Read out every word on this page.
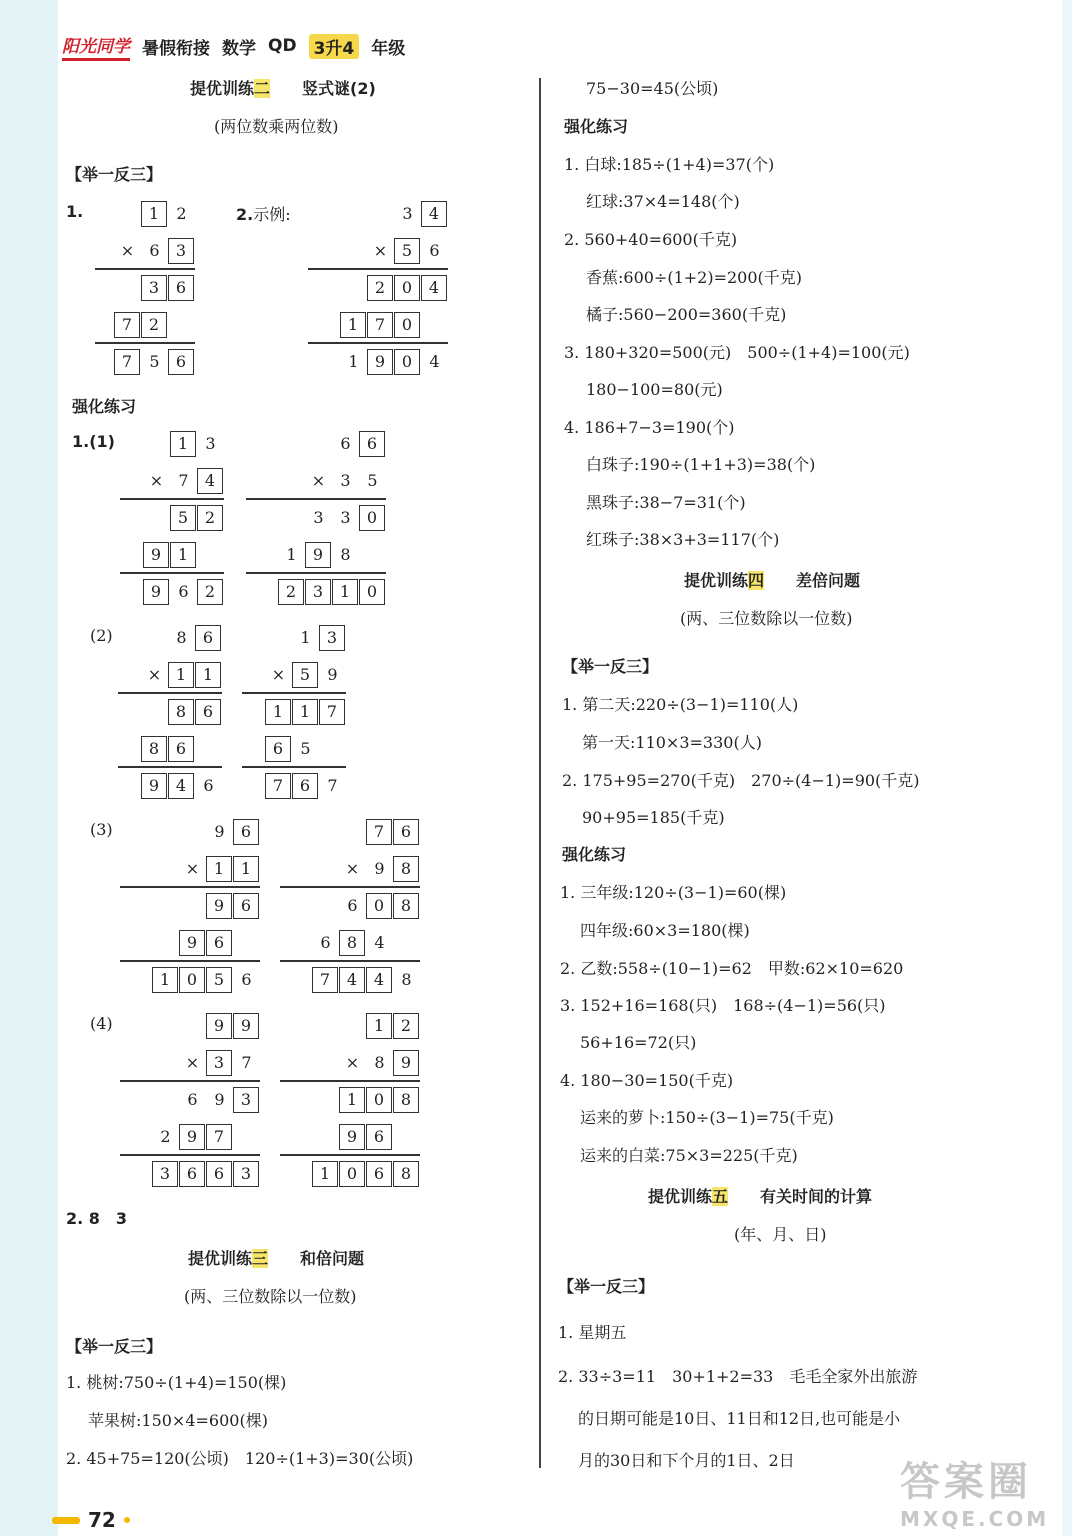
阳光同学 暑假衔接 数学 QD 3升4 年级
提优训练二　　 竖式谜(2)
(两位数乘两位数)
【举一反三】
1.	2.示例:
强化练习
1.(1)
(2)
(3)
(4)
2. 8　3
提优训练三　　 和倍问题
(两、三位数除以一位数)
【举一反三】
1. 桃树:750÷(1+4)=150(棵)
苹果树:150×4=600(棵)
2. 45+75=120(公顷)　120÷(1+3)=30(公顷)
75−30=45(公顷)
强化练习
1. 白球:185÷(1+4)=37(个)
红球:37×4=148(个)
2. 560+40=600(千克)
香蕉:600÷(1+2)=200(千克)
橘子:560−200=360(千克)
3. 180+320=500(元)　500÷(1+4)=100(元)
180−100=80(元)
4. 186+7−3=190(个)
白珠子:190÷(1+1+3)=38(个)
黑珠子:38−7=31(个)
红珠子:38×3+3=117(个)
提优训练四　　 差倍问题
(两、三位数除以一位数)
【举一反三】
1. 第二天:220÷(3−1)=110(人)
第一天:110×3=330(人)
2. 175+95=270(千克)　270÷(4−1)=90(千克)
90+95=185(千克)
强化练习
1. 三年级:120÷(3−1)=60(棵)
四年级:60×3=180(棵)
2. 乙数:558÷(10−1)=62　甲数:62×10=620
3. 152+16=168(只)　168÷(4−1)=56(只)
56+16=72(只)
4. 180−30=150(千克)
运来的萝卜:150÷(3−1)=75(千克)
运来的白菜:75×3=225(千克)
提优训练五　　 有关时间的计算
(年、月、日)
【举一反三】
1. 星期五
2. 33÷3=11　30+1+2=33　毛毛全家外出旅游
的日期可能是10日、11日和12日,也可能是小
月的30日和下个月的1日、2日
1 2
× 6 3
3 6
7 2
7 5 6
3 4
× 5 6
2 0 4
1 7 0
1 9 0 4
1 3
× 7 4
5 2
9 1
9 6 2
6 6
× 3 5
3 3 0
1 9 8
2 3 1 0
8 6
× 1 1
8 6
8 6
9 4 6
1 3
× 5 9
1 1 7
6 5
7 6 7
9 6
× 1 1
9 6
9 6
1 0 5 6
7 6
× 9 8
6 0 8
6 8 4
7 4 4 8
9 9
× 3 7
6 9 3
2 9 7
3 6 6 3
1 2
× 8 9
1 0 8
9 6
1 0 6 8
72
答案圈
MXQE.COM
